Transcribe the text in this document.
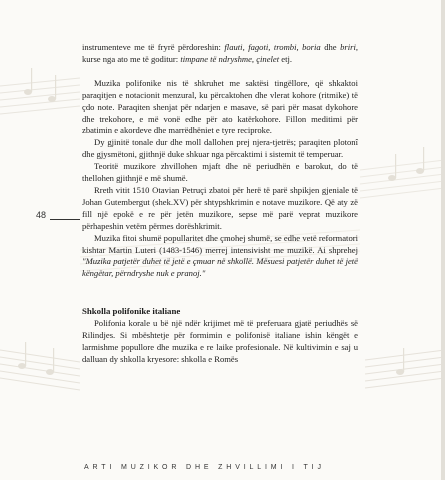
48

instrumenteve me të fryrë përdoreshin: flauti, fagoti, trombi, boria dhe briri, kurse nga ato me të goditur: timpane të ndryshme, çinelet etj.

Muzika polifonike nis të shkruhet me saktësi tingëllore, që shkaktoi paraqitjen e notacionit menzural, ku përcaktohen dhe vlerat kohore (ritmike) të çdo note. Paraqiten shenjat për ndarjen e masave, së pari për masat dykohore dhe trekohore, e më vonë edhe për ato katërkohore. Fillon meditimi për zbatimin e akordeve dhe marrëdhëniet e tyre reciproke.

Dy gjinitë tonale dur dhe moll dallohen prej njera-tjetrës; paraqiten plotonî dhe gjysmëtoni, gjithnjë duke shkuar nga përcaktimi i sistemit të temperuar.

Teoritë muzikore zhvillohen mjaft dhe në periudhën e barokut, do të thellohen gjithnjë e më shumë.

Rreth vitit 1510 Otavian Petruçi zbatoi për herë të parë shpikjen gjeniale të Johan Gutembergut (shek.XV) për shtypshkrimin e notave muzikore. Që aty zë fill një epokë e re për jetën muzikore, sepse më parë veprat muzikore përhapeshin vetëm përmes dorëshkrimit.

Muzika fitoi shumë popullaritet dhe çmohej shumë, se edhe vetë reformatori kishtar Martin Luteri (1483-1546) merrej intensivisht me muzikë. Ai shprehej "Muzika patjetër duhet të jetë e çmuar në shkollë. Mësuesi patjetër duhet të jetë këngëtar, përndryshe nuk e pranoj."

Shkolla polifonike italiane

Polifonia korale u bë një ndër krijimet më të preferuara gjatë periudhës së Rilindjes. Si mbështetje për formimin e polifonisë italiane ishin këngët e larmishme popullore dhe muzika e re laike profesionale. Në kultivimin e saj u dalluan dy shkolla kryesore: shkolla e Romës

ARTI MUZIKOR DHE ZHVILLIMI I TIJ
